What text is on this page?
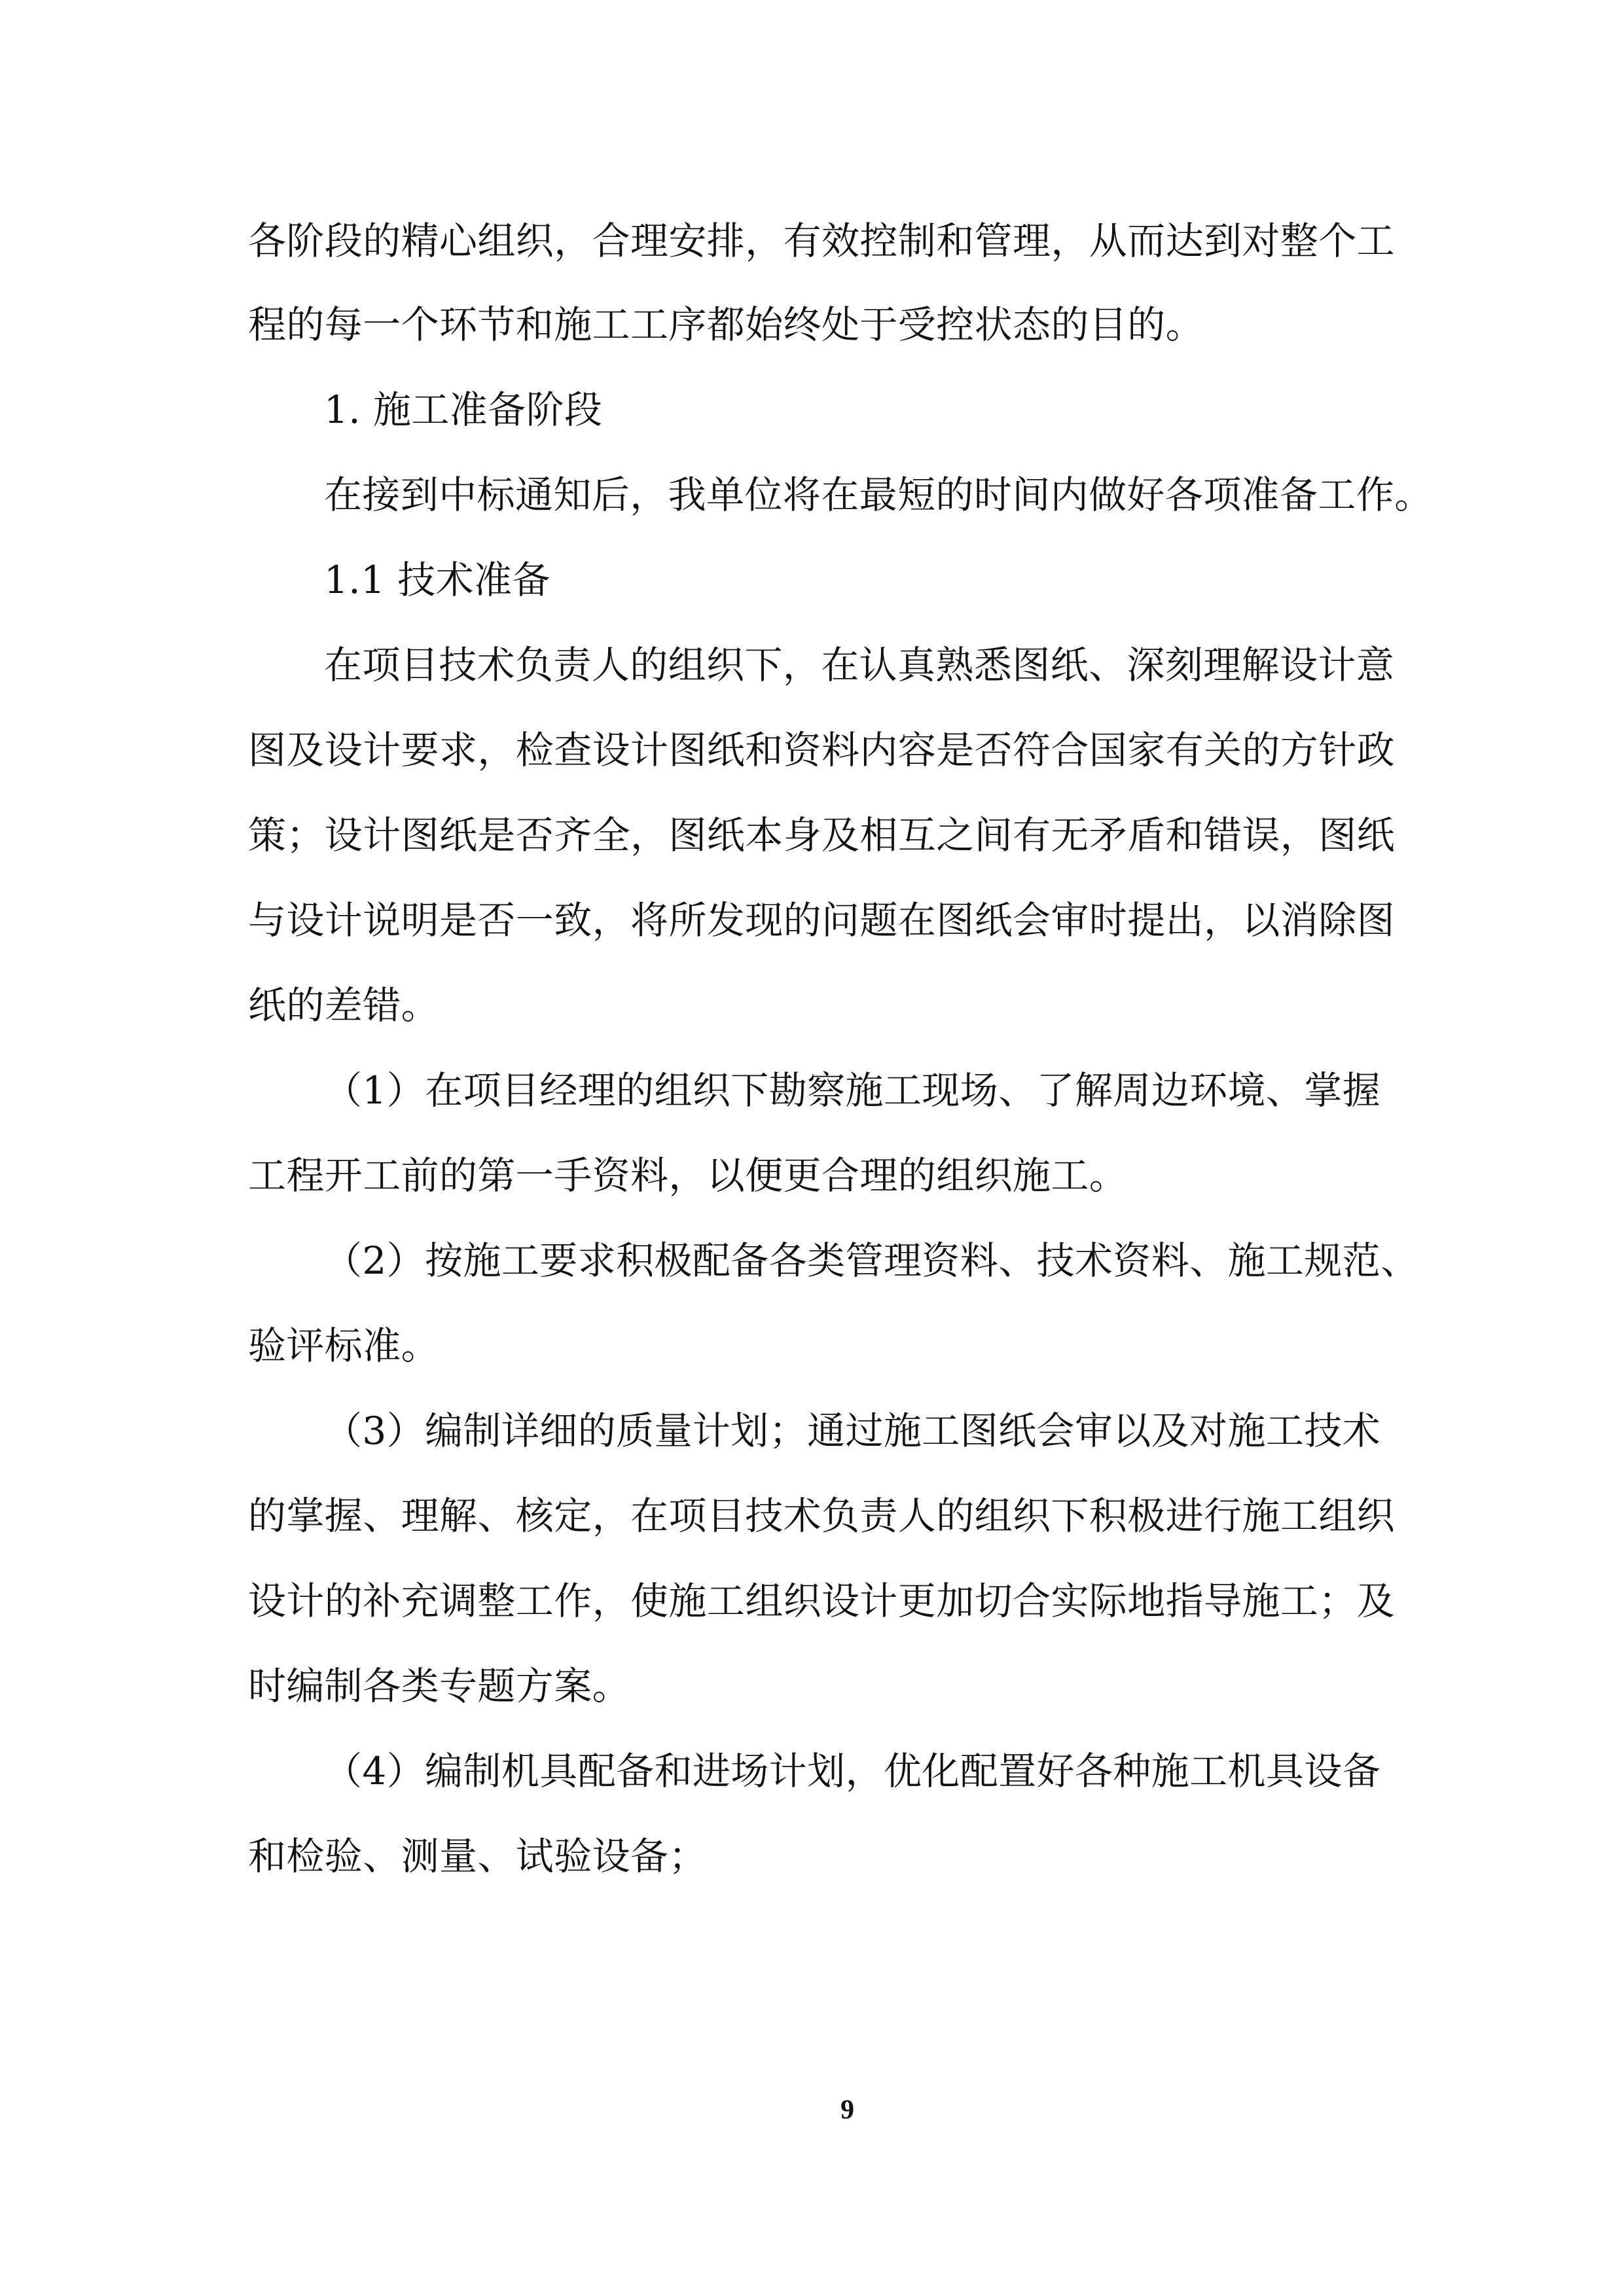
各阶段的精心组织，合理安排，有效控制和管理，从而达到对整个工
程的每一个环节和施工工序都始终处于受控状态的目的。
1. 施工准备阶段
在接到中标通知后，我单位将在最短的时间内做好各项准备工作。
1.1 技术准备
在项目技术负责人的组织下，在认真熟悉图纸、深刻理解设计意
图及设计要求，检查设计图纸和资料内容是否符合国家有关的方针政
策；设计图纸是否齐全，图纸本身及相互之间有无矛盾和错误，图纸
与设计说明是否一致，将所发现的问题在图纸会审时提出，以消除图
纸的差错。
（1）在项目经理的组织下勘察施工现场、了解周边环境、掌握
工程开工前的第一手资料，以便更合理的组织施工。
（2）按施工要求积极配备各类管理资料、技术资料、施工规范、
验评标准。
（3）编制详细的质量计划；通过施工图纸会审以及对施工技术
的掌握、理解、核定，在项目技术负责人的组织下积极进行施工组织
设计的补充调整工作，使施工组织设计更加切合实际地指导施工；及
时编制各类专题方案。
（4）编制机具配备和进场计划，优化配置好各种施工机具设备
和检验、测量、试验设备；
9
